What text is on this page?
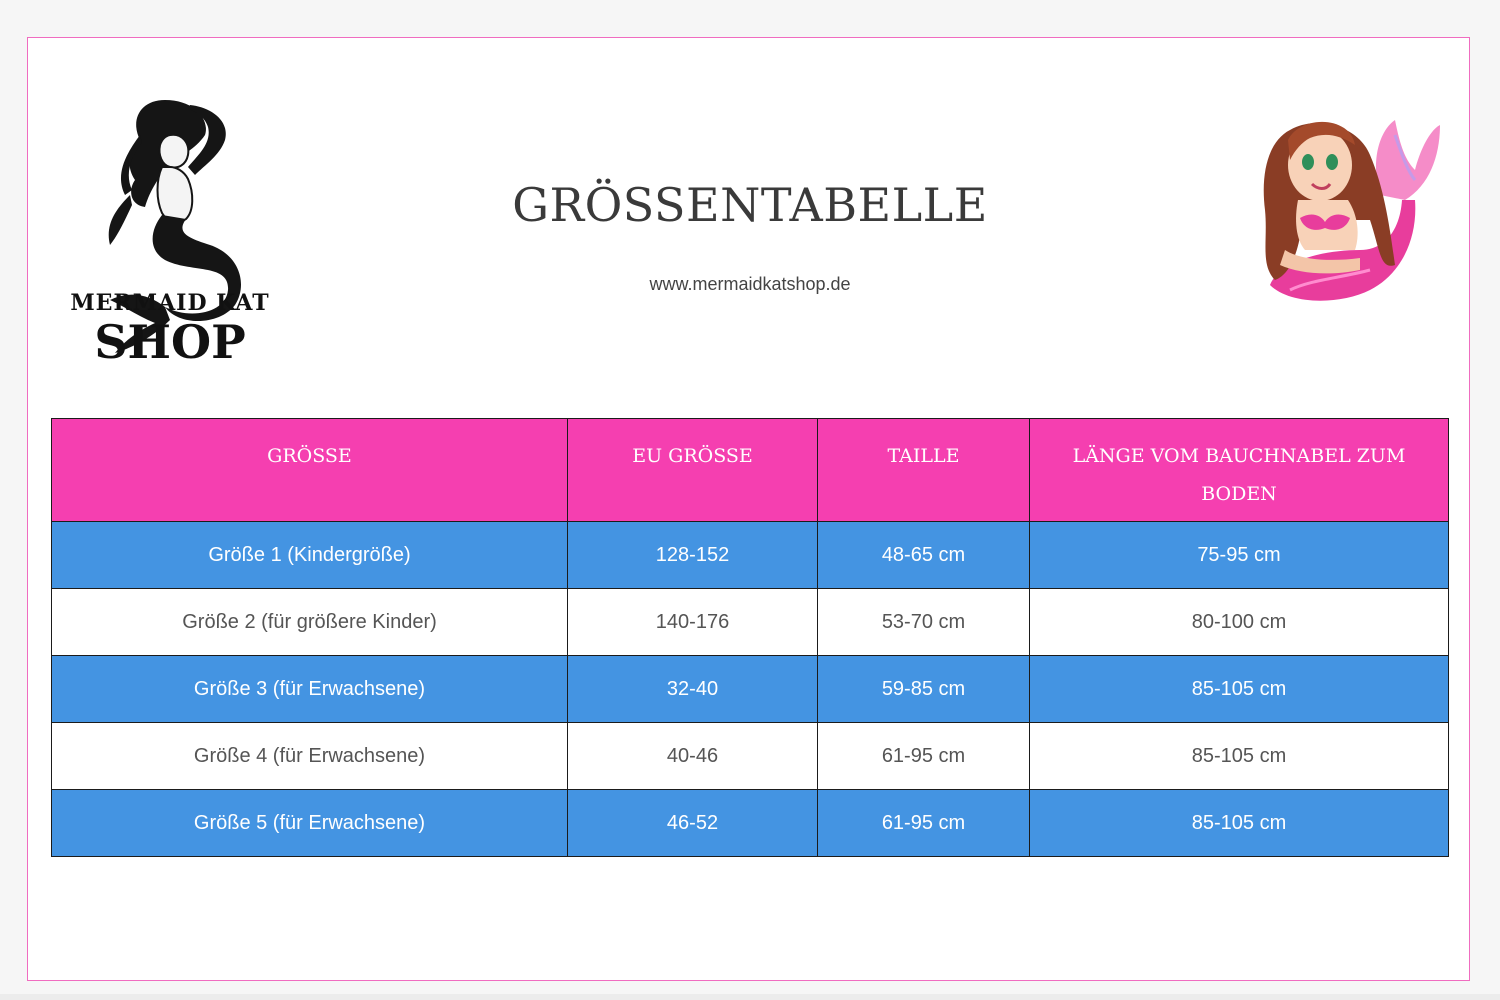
MERMAID KAT
SHOP
GRÖSSENTABELLE
www.mermaidkatshop.de
GRÖSSE	EU GRÖSSE	TAILLE	LÄNGE VOM BAUCHNABEL ZUM BODEN
Größe 1 (Kindergröße)	128-152	48-65 cm	75-95 cm
Größe 2 (für größere Kinder)	140-176	53-70 cm	80-100 cm
Größe 3 (für Erwachsene)	32-40	59-85 cm	85-105 cm
Größe 4 (für Erwachsene)	40-46	61-95 cm	85-105 cm
Größe 5 (für Erwachsene)	46-52	61-95 cm	85-105 cm
